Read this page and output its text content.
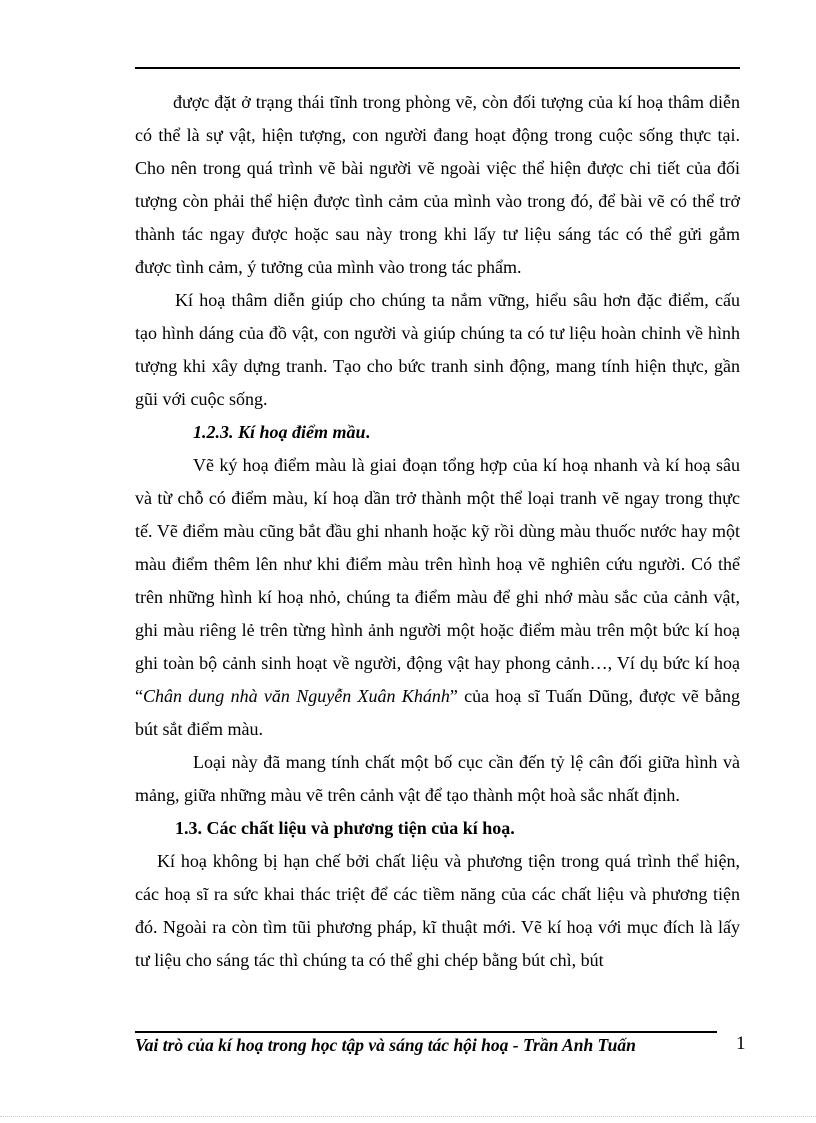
được đặt ở trạng thái tĩnh trong phòng vẽ, còn đối tượng của kí hoạ thâm diễn có thể là sự vật, hiện tượng, con người đang hoạt động trong cuộc sống thực tại. Cho nên trong quá trình vẽ bài người vẽ ngoài việc thể hiện được chi tiết của đối tượng còn phải thể hiện được tình cảm của mình vào trong đó, để bài vẽ có thể trở thành tác ngay được hoặc sau này trong khi lấy tư liệu sáng tác có thể gửi gắm được tình cảm, ý tưởng của mình vào trong tác phẩm.

Kí hoạ thâm diễn giúp cho chúng ta nắm vững, hiểu sâu hơn đặc điểm, cấu tạo hình dáng của đồ vật, con người và giúp chúng ta có tư liệu hoàn chỉnh về hình tượng khi xây dựng tranh. Tạo cho bức tranh sinh động, mang tính hiện thực, gần gũi với cuộc sống.

1.2.3. Kí hoạ điểm mầu.

Vẽ ký hoạ điểm màu là giai đoạn tổng hợp của kí hoạ nhanh và kí hoạ sâu và từ chỗ có điểm màu, kí hoạ dần trở thành một thể loại tranh vẽ ngay trong thực tế. Vẽ điểm màu cũng bắt đầu ghi nhanh hoặc kỹ rồi dùng màu thuốc nước hay một màu điểm thêm lên như khi điểm màu trên hình hoạ vẽ nghiên cứu người. Có thể trên những hình kí hoạ nhỏ, chúng ta điểm màu để ghi nhớ màu sắc của cảnh vật, ghi màu riêng lẻ trên từng hình ảnh người một hoặc điểm màu trên một bức kí hoạ ghi toàn bộ cảnh sinh hoạt về người, động vật hay phong cảnh…, Ví dụ bức kí hoạ “Chân dung nhà văn Nguyễn Xuân Khánh” của hoạ sĩ Tuấn Dũng, được vẽ bằng bút sắt điểm màu.

Loại này đã mang tính chất một bố cục cần đến tỷ lệ cân đối giữa hình và mảng, giữa những màu vẽ trên cảnh vật để tạo thành một hoà sắc nhất định.

1.3. Các chất liệu và phương tiện của kí hoạ.

Kí hoạ không bị hạn chế bởi chất liệu và phương tiện trong quá trình thể hiện, các hoạ sĩ ra sức khai thác triệt để các tiềm năng của các chất liệu và phương tiện đó. Ngoài ra còn tìm tũi phương pháp, kĩ thuật mới. Vẽ kí hoạ với mục đích là lấy tư liệu cho sáng tác thì chúng ta có thể ghi chép bằng bút chì, bút

Vai trò của kí hoạ trong học tập và sáng tác hội hoạ - Trần Anh Tuấn	1
